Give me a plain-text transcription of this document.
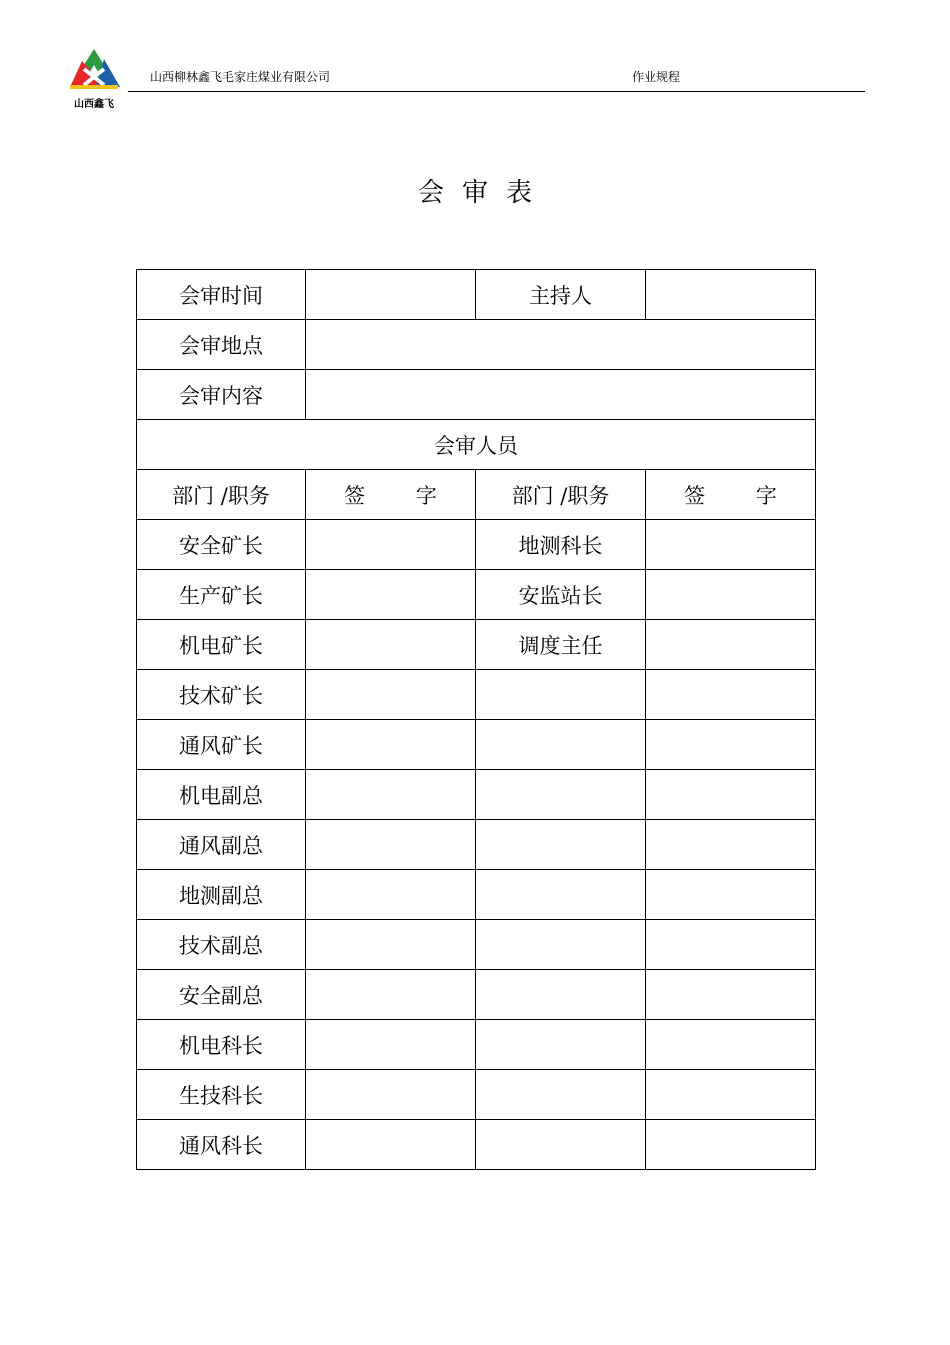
山西鑫飞
山西柳林鑫飞毛家庄煤业有限公司	作业规程
会审表
会审时间		主持人	
会审地点			
会审内容			
会审人员			
部门 /职务	签 字	部门 /职务	签 字
安全矿长		地测科长	
生产矿长		安监站长	
机电矿长		调度主任	
技术矿长			
通风矿长			
机电副总			
通风副总			
地测副总			
技术副总			
安全副总			
机电科长			
生技科长			
通风科长			
